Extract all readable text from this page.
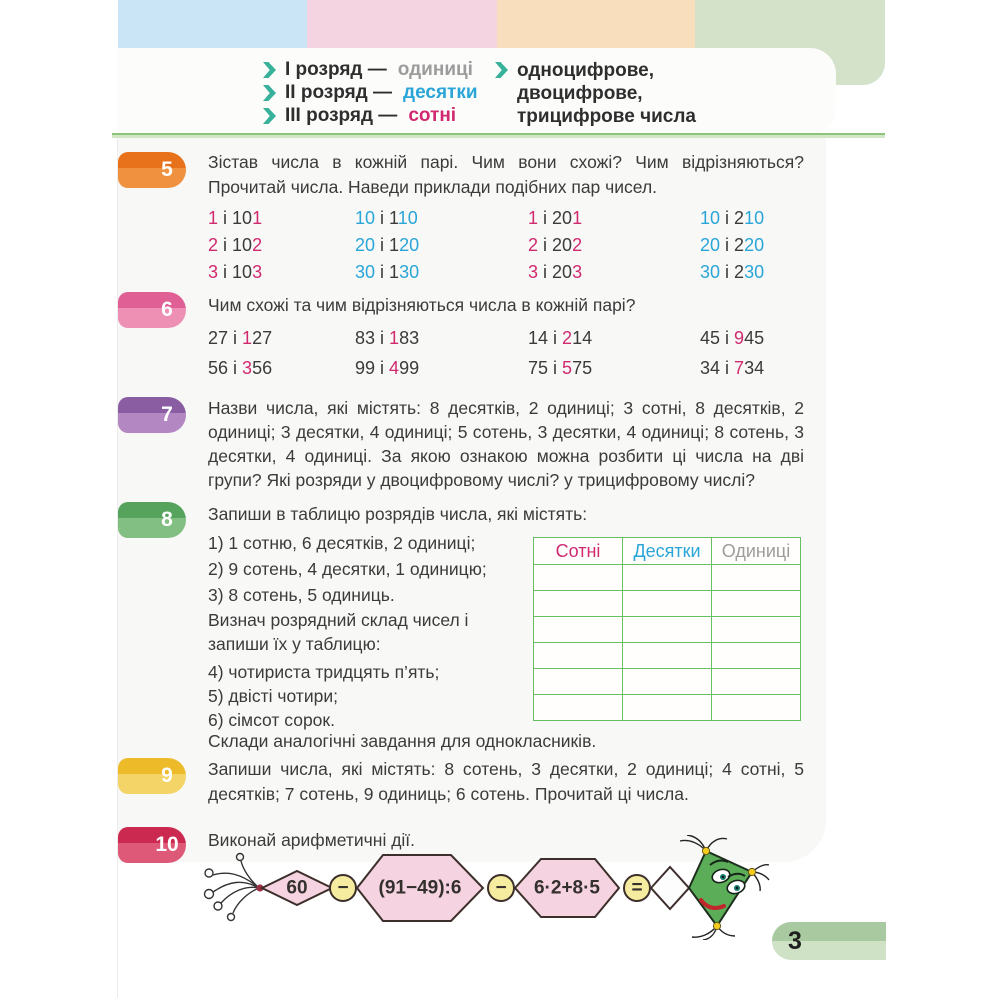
І розряд — одиниці
ІІ розряд — десятки
ІІІ розряд — сотні
одноцифрове,
двоцифрове,
трицифрове числа
5	Зістав числа в кожній парі. Чим вони схожі? Чим відрізняються? Прочитай числа. Наведи приклади подібних пар чисел.
1 і 101	10 і 110	1 і 201	10 і 210
2 і 102	20 і 120	2 і 202	20 і 220
3 і 103	30 і 130	3 і 203	30 і 230
6	Чим схожі та чим відрізняються числа в кожній парі?
27 і 127	83 і 183	14 і 214	45 і 945
56 і 356	99 і 499	75 і 575	34 і 734
7	Назви числа, які містять: 8 десятків, 2 одиниці; 3 сотні, 8 десятків, 2 одиниці; 3 десятки, 4 одиниці; 5 сотень, 3 десятки, 4 одиниці; 8 сотень, 3 десятки, 4 одиниці. За якою ознакою можна розбити ці числа на дві групи? Які розряди у двоцифровому числі? у трицифровому числі?
8	Запиши в таблицю розрядів числа, які містять:
1) 1 сотню, 6 десятків, 2 одиниці;
2) 9 сотень, 4 десятки, 1 одиницю;
3) 8 сотень, 5 одиниць.
Визнач розрядний склад чисел і запиши їх у таблицю:
4) чотириста тридцять п’ять;
5) двісті чотири;
6) сімсот сорок.
Склади аналогічні завдання для однокласників.
Сотні	Десятки	Одиниці

9	Запиши числа, які містять: 8 сотень, 3 десятки, 2 одиниці; 4 сотні, 5 десятків; 7 сотень, 9 одиниць; 6 сотень. Прочитай ці числа.
10	Виконай арифметичні дії.
60 − (91−49):6 − 6·2+8·5 =
3
